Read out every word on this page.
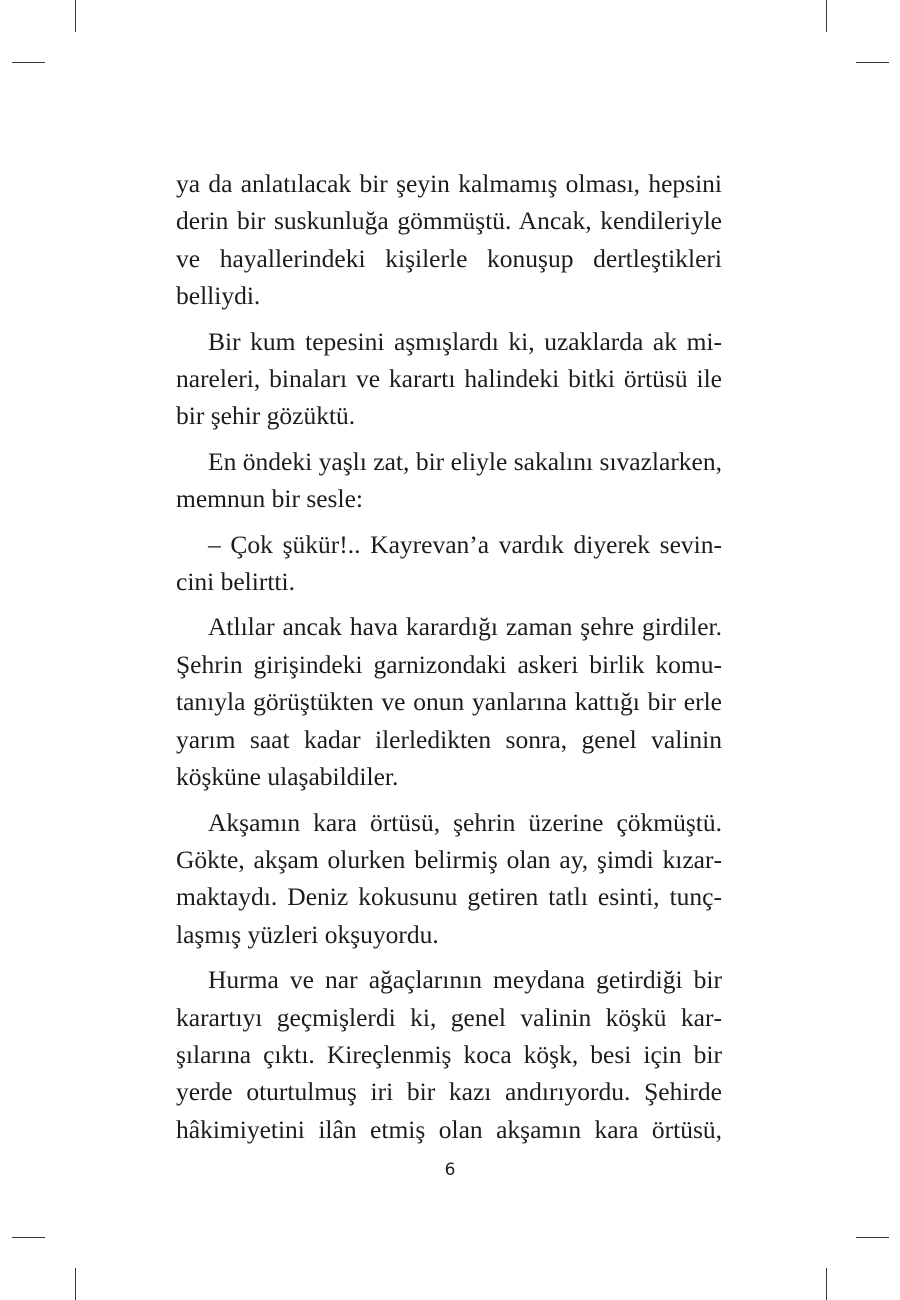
ya da anlatılacak bir şeyin kalmamış olması, hepsini derin bir suskunluğa gömmüştü. Ancak, kendileriyle ve hayallerindeki kişilerle konuşup dertleştikleri belliydi.

Bir kum tepesini aşmışlardı ki, uzaklarda ak minareleri, binaları ve karartı halindeki bitki örtüsü ile bir şehir gözüktü.

En öndeki yaşlı zat, bir eliyle sakalını sıvazlarken, memnun bir sesle:

– Çok şükür!.. Kayrevan’a vardık diyerek sevincini belirtti.

Atlılar ancak hava karardığı zaman şehre girdiler. Şehrin girişindeki garnizondaki askeri birlik komutanıyla görüştükten ve onun yanlarına kattığı bir erle yarım saat kadar ilerledikten sonra, genel valinin köşküne ulaşabildiler.

Akşamın kara örtüsü, şehrin üzerine çökmüştü. Gökte, akşam olurken belirmiş olan ay, şimdi kızarmaktaydı. Deniz kokusunu getiren tatlı esinti, tunçlaşmış yüzleri okşuyordu.

Hurma ve nar ağaçlarının meydana getirdiği bir karartıyı geçmişlerdi ki, genel valinin köşkü karşılarına çıktı. Kireçlenmiş koca köşk, besi için bir yerde oturtulmuş iri bir kazı andırıyordu. Şehirde hâkimiyetini ilân etmiş olan akşamın kara örtüsü,

6
